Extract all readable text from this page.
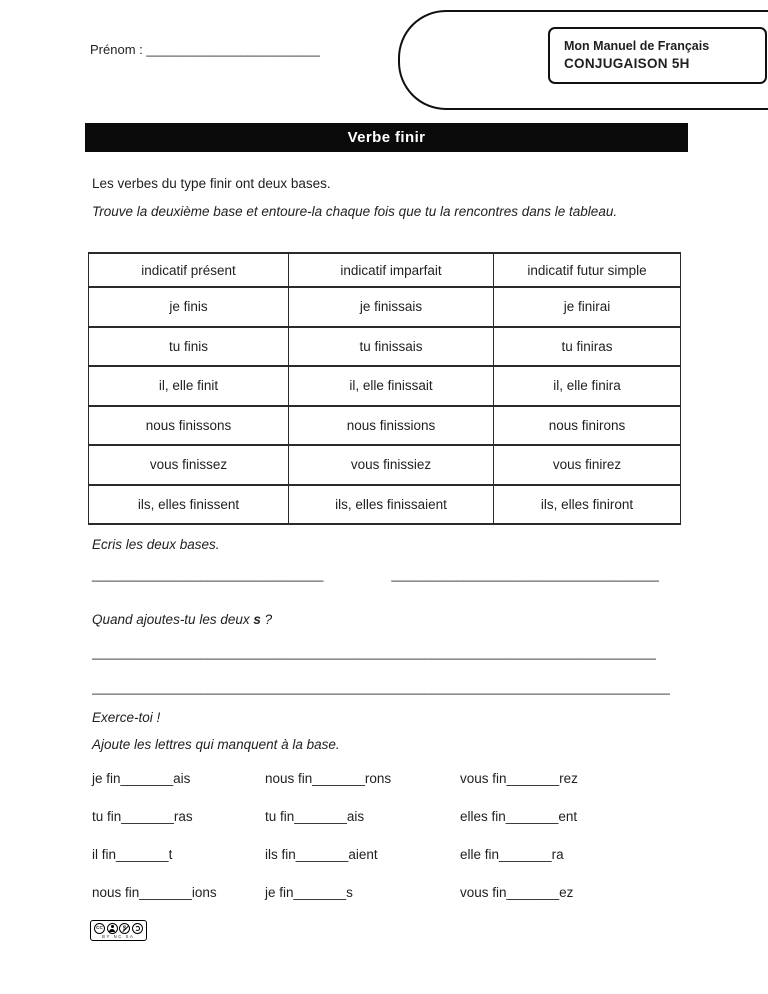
Prénom : ________________________	Mon Manuel de Français
CONJUGAISON 5H
Verbe finir
Les verbes du type finir ont deux bases.
Trouve la deuxième base et entoure-la chaque fois que tu la rencontres dans le tableau.
indicatif présent	indicatif imparfait	indicatif futur simple
je finis	je finissais	je finirai
tu finis	tu finissais	tu finiras
il, elle finit	il, elle finissait	il, elle finira
nous finissons	nous finissions	nous finirons
vous finissez	vous finissiez	vous finirez
ils, elles finissent	ils, elles finissaient	ils, elles finiront
Ecris les deux bases.
________________________________	_____________________________________
Quand ajoutes-tu les deux s ?
______________________________________________________________________________
________________________________________________________________________________
Exerce-toi !
Ajoute les lettres qui manquent à la base.
je fin_______ais	nous fin_______rons	vous fin_______rez
tu fin_______ras	tu fin_______ais	elles fin_______ent
il fin_______t	ils fin_______aient	elle fin_______ra
nous fin_______ions	je fin_______s	vous fin_______ez
CC
BY NC SA
